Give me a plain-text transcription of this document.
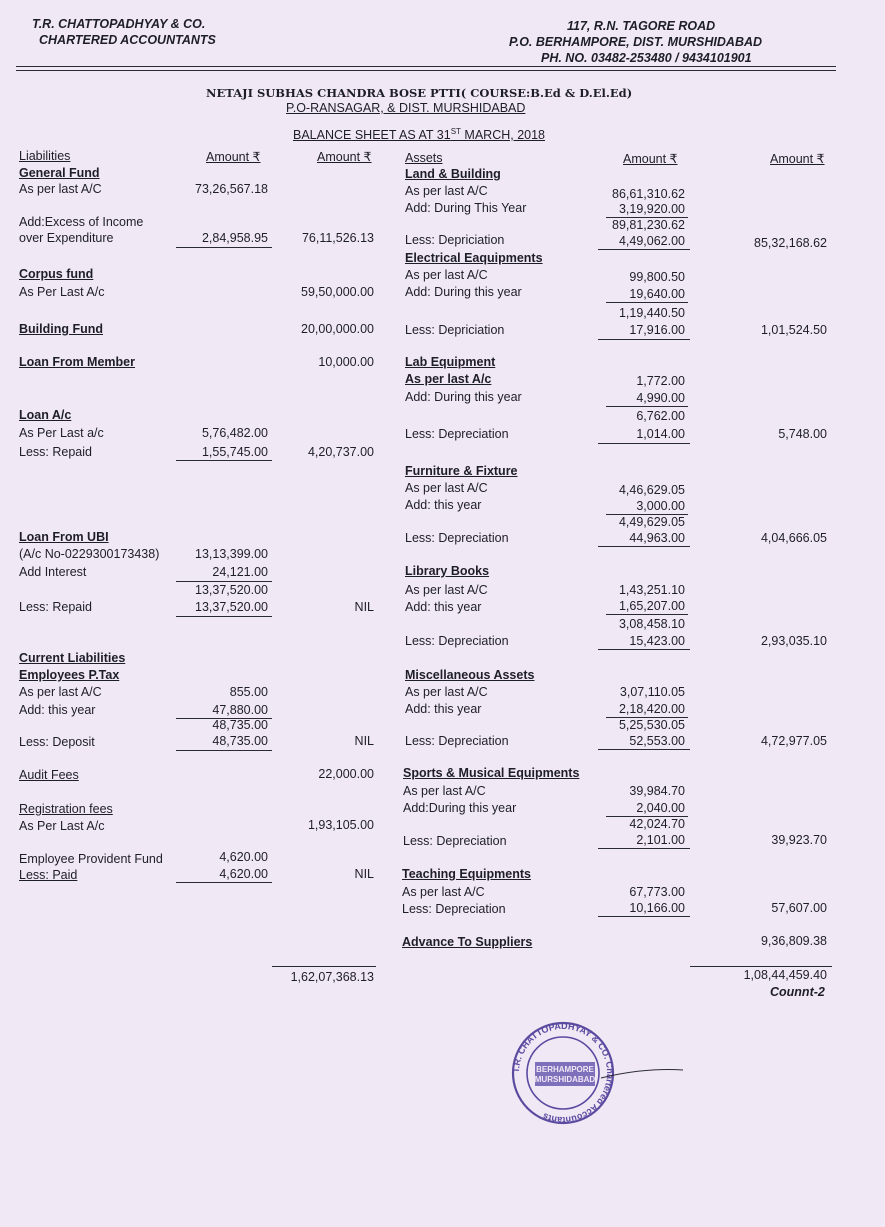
T.R. CHATTOPADHYAY & CO.
CHARTERED ACCOUNTANTS
117, R.N. TAGORE ROAD
P.O. BERHAMPORE, DIST. MURSHIDABAD
PH. NO. 03482-253480 / 9434101901
NETAJI SUBHAS CHANDRA BOSE PTTI( COURSE:B.Ed & D.El.Ed)
P.O-RANSAGAR, & DIST. MURSHIDABAD
BALANCE SHEET AS AT 31ST MARCH, 2018
Liabilities	Amount ₹	Amount ₹	Assets	Amount ₹	Amount ₹
General Fund
As per last A/C	73,26,567.18
Add:Excess of Income
over Expenditure	2,84,958.95	76,11,526.13
Corpus fund
As Per Last A/c	59,50,000.00
Building Fund	20,00,000.00
Loan From Member	10,000.00
Loan A/c
As Per Last a/c	5,76,482.00
Less: Repaid	1,55,745.00	4,20,737.00
Loan From UBI
(A/c No-0229300173438)	13,13,399.00
Add Interest	24,121.00
13,37,520.00
Less: Repaid	13,37,520.00	NIL
Current Liabilities
Employees P.Tax
As per last A/C	855.00
Add: this year	47,880.00
48,735.00
Less: Deposit	48,735.00	NIL
Audit Fees	22,000.00
Registration fees
As Per Last A/c	1,93,105.00
Employee Provident Fund	4,620.00
Less: Paid	4,620.00	NIL
1,62,07,368.13
Land & Building
As per last A/C	86,61,310.62
Add: During This Year	3,19,920.00
89,81,230.62
Less: Depriciation	4,49,062.00	85,32,168.62
Electrical Eaquipments
As per last A/C	99,800.50
Add: During this year	19,640.00
1,19,440.50
Less: Depriciation	17,916.00	1,01,524.50
Lab Equipment
As per last A/c	1,772.00
Add: During this year	4,990.00
6,762.00
Less: Depreciation	1,014.00	5,748.00
Furniture & Fixture
As per last A/C	4,46,629.05
Add: this year	3,000.00
4,49,629.05
Less: Depreciation	44,963.00	4,04,666.05
Library Books
As per last A/C	1,43,251.10
Add: this year	1,65,207.00
3,08,458.10
Less: Depreciation	15,423.00	2,93,035.10
Miscellaneous Assets
As per last A/C	3,07,110.05
Add: this year	2,18,420.00
5,25,530.05
Less: Depreciation	52,553.00	4,72,977.05
Sports & Musical Equipments
As per last A/C	39,984.70
Add:During this year	2,040.00
42,024.70
Less: Depreciation	2,101.00	39,923.70
Teaching Equipments
As per last A/C	67,773.00
Less: Depreciation	10,166.00	57,607.00
Advance To Suppliers	9,36,809.38
1,08,44,459.40
Counnt-2
T.R. CHATTOPADHYAY & CO. Chartered Accountants
BERHAMPORE
MURSHIDABAD
